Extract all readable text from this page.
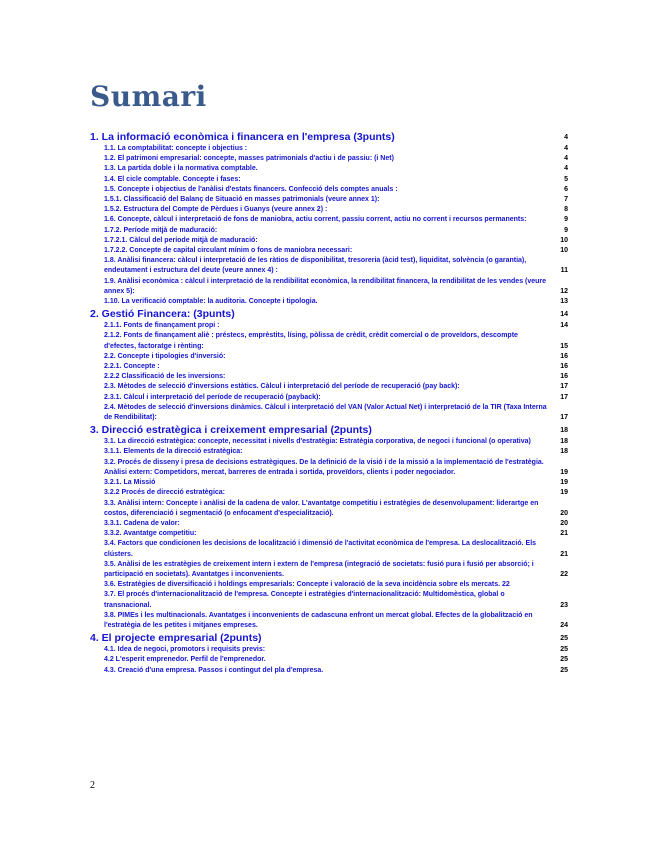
Sumari
1. La informació econòmica i financera en l'empresa (3punts)	4
1.1. La comptabilitat: concepte i objectius :	4
1.2. El patrimoni empresarial: concepte, masses patrimonials d'actiu i de passiu: (i Net)	4
1.3. La partida doble i la normativa comptable.	4
1.4. El cicle comptable. Concepte i fases:	5
1.5. Concepte i objectius de l'anàlisi d'estats financers. Confecció dels comptes anuals :	6
1.5.1. Classificació del Balanç de Situació en masses patrimonials (veure annex 1):	7
1.5.2. Estructura del Compte de Pèrdues i Guanys (veure annex 2) :	8
1.6. Concepte, càlcul i interpretació de fons de maniobra, actiu corrent, passiu corrent, actiu no corrent i recursos permanents:	9
1.7.2. Període mitjà de maduració:	9
1.7.2.1. Càlcul del període mitjà de maduració:	10
1.7.2.2. Concepte de capital circulant mínim o fons de maniobra necessari:	10
1.8. Anàlisi financera: càlcul i interpretació de les ràtios de disponibilitat, tresoreria (àcid test), liquiditat, solvència (o garantia), endeutament i estructura del deute (veure annex 4) :	11
1.9. Anàlisi econòmica : càlcul i interpretació de la rendibilitat econòmica, la rendibilitat financera, la rendibilitat de les vendes (veure annex 5):	12
1.10. La verificació comptable: la auditoria. Concepte i tipologia.	13
2. Gestió Financera: (3punts)	14
2.1.1. Fonts de finançament propi :	14
2.1.2. Fonts de finançament aliè : préstecs, emprèstits, lísing, pòlissa de crèdit, crèdit comercial o de proveïdors, descompte d'efectes, factoratge i rènting:	15
2.2. Concepte i tipologies d'inversió:	16
2.2.1. Concepte :	16
2.2.2 Classificació de les inversions:	16
2.3. Mètodes de selecció d'inversions estàtics. Càlcul i interpretació del període de recuperació (pay back):	17
2.3.1. Càlcul i interpretació del període de recuperació (payback):	17
2.4. Mètodes de selecció d'inversions dinàmics. Càlcul i interpretació del VAN (Valor Actual Net) i interpretació de la TIR (Taxa Interna de Rendibilitat):	17
3. Direcció estratègica i creixement empresarial (2punts)	18
3.1. La direcció estratègica: concepte, necessitat i nivells d'estratègia: Estratègia corporativa, de negoci i funcional (o operativa)	18
3.1.1. Elements de la direcció estratègica:	18
3.2. Procés de disseny i presa de decisions estratègiques. De la definició de la visió i de la missió a la implementació de l'estratègia. Anàlisi extern: Competidors, mercat, barreres de entrada i sortida, proveïdors, clients i poder negociador.	19
3.2.1. La Missió	19
3.2.2 Procés de direcció estratègica:	19
3.3. Anàlisi intern: Concepte i anàlisi de la cadena de valor. L'avantatge competitiu i estratègies de desenvolupament: liderartge en costos, diferenciació i segmentació (o enfocament d'especialització).	20
3.3.1. Cadena de valor:	20
3.3.2. Avantatge competitiu:	21
3.4. Factors que condicionen les decisions de localització i dimensió de l'activitat econòmica de l'empresa. La deslocalització. Els clústers.	21
3.5. Anàlisi de les estratègies de creixement intern i extern de l'empresa (integració de societats: fusió pura i fusió per absorció; i participació en societats). Avantatges i inconvenients.	22
3.6. Estratègies de diversificació i holdings empresarials: Concepte i valoració de la seva incidència sobre els mercats. 22
3.7. El procés d'internacionalització de l'empresa. Concepte i estratègies d'internacionalització: Multidomèstica, global o transnacional.	23
3.8. PIMEs i les multinacionals. Avantatges i inconvenients de cadascuna enfront un mercat global. Efectes de la globalització en l'estratègia de les petites i mitjanes empreses.	24
4. El projecte empresarial (2punts)	25
4.1. Idea de negoci, promotors i requisits previs:	25
4.2 L'esperit emprenedor. Perfil de l'emprenedor.	25
4.3. Creació d'una empresa. Passos i contingut del pla d'empresa.	25
2
